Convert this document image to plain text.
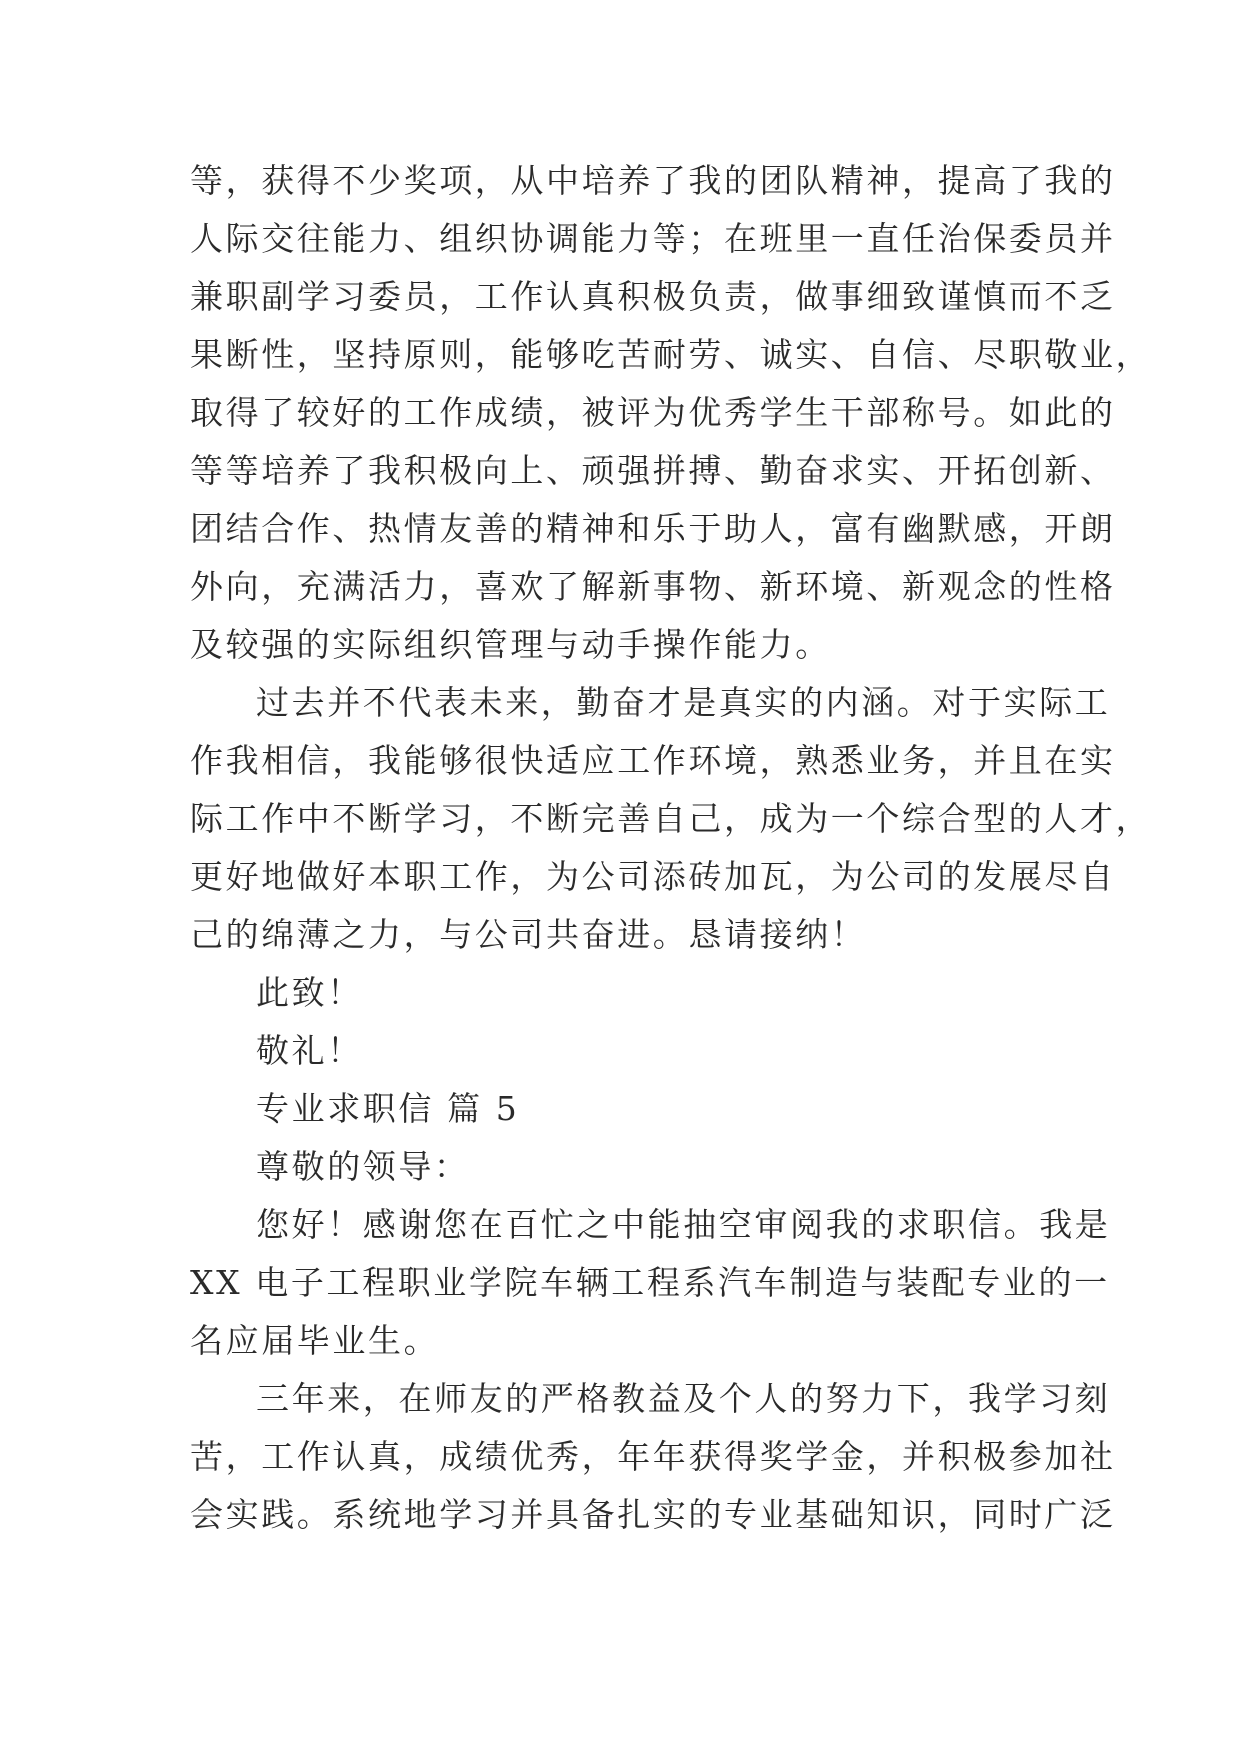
等，获得不少奖项，从中培养了我的团队精神，提高了我的
人际交往能力、组织协调能力等；在班里一直任治保委员并
兼职副学习委员，工作认真积极负责，做事细致谨慎而不乏
果断性，坚持原则，能够吃苦耐劳、诚实、自信、尽职敬业，
取得了较好的工作成绩，被评为优秀学生干部称号。如此的
等等培养了我积极向上、顽强拼搏、勤奋求实、开拓创新、
团结合作、热情友善的精神和乐于助人，富有幽默感，开朗
外向，充满活力，喜欢了解新事物、新环境、新观念的性格
及较强的实际组织管理与动手操作能力。
过去并不代表未来，勤奋才是真实的内涵。对于实际工
作我相信，我能够很快适应工作环境，熟悉业务，并且在实
际工作中不断学习，不断完善自己，成为一个综合型的人才，
更好地做好本职工作，为公司添砖加瓦，为公司的发展尽自
己的绵薄之力，与公司共奋进。恳请接纳！
此致！
敬礼！
专业求职信 篇 5
尊敬的领导：
您好！感谢您在百忙之中能抽空审阅我的求职信。我是
XX 电子工程职业学院车辆工程系汽车制造与装配专业的一
名应届毕业生。
三年来，在师友的严格教益及个人的努力下，我学习刻
苦，工作认真，成绩优秀，年年获得奖学金，并积极参加社
会实践。系统地学习并具备扎实的专业基础知识，同时广泛
